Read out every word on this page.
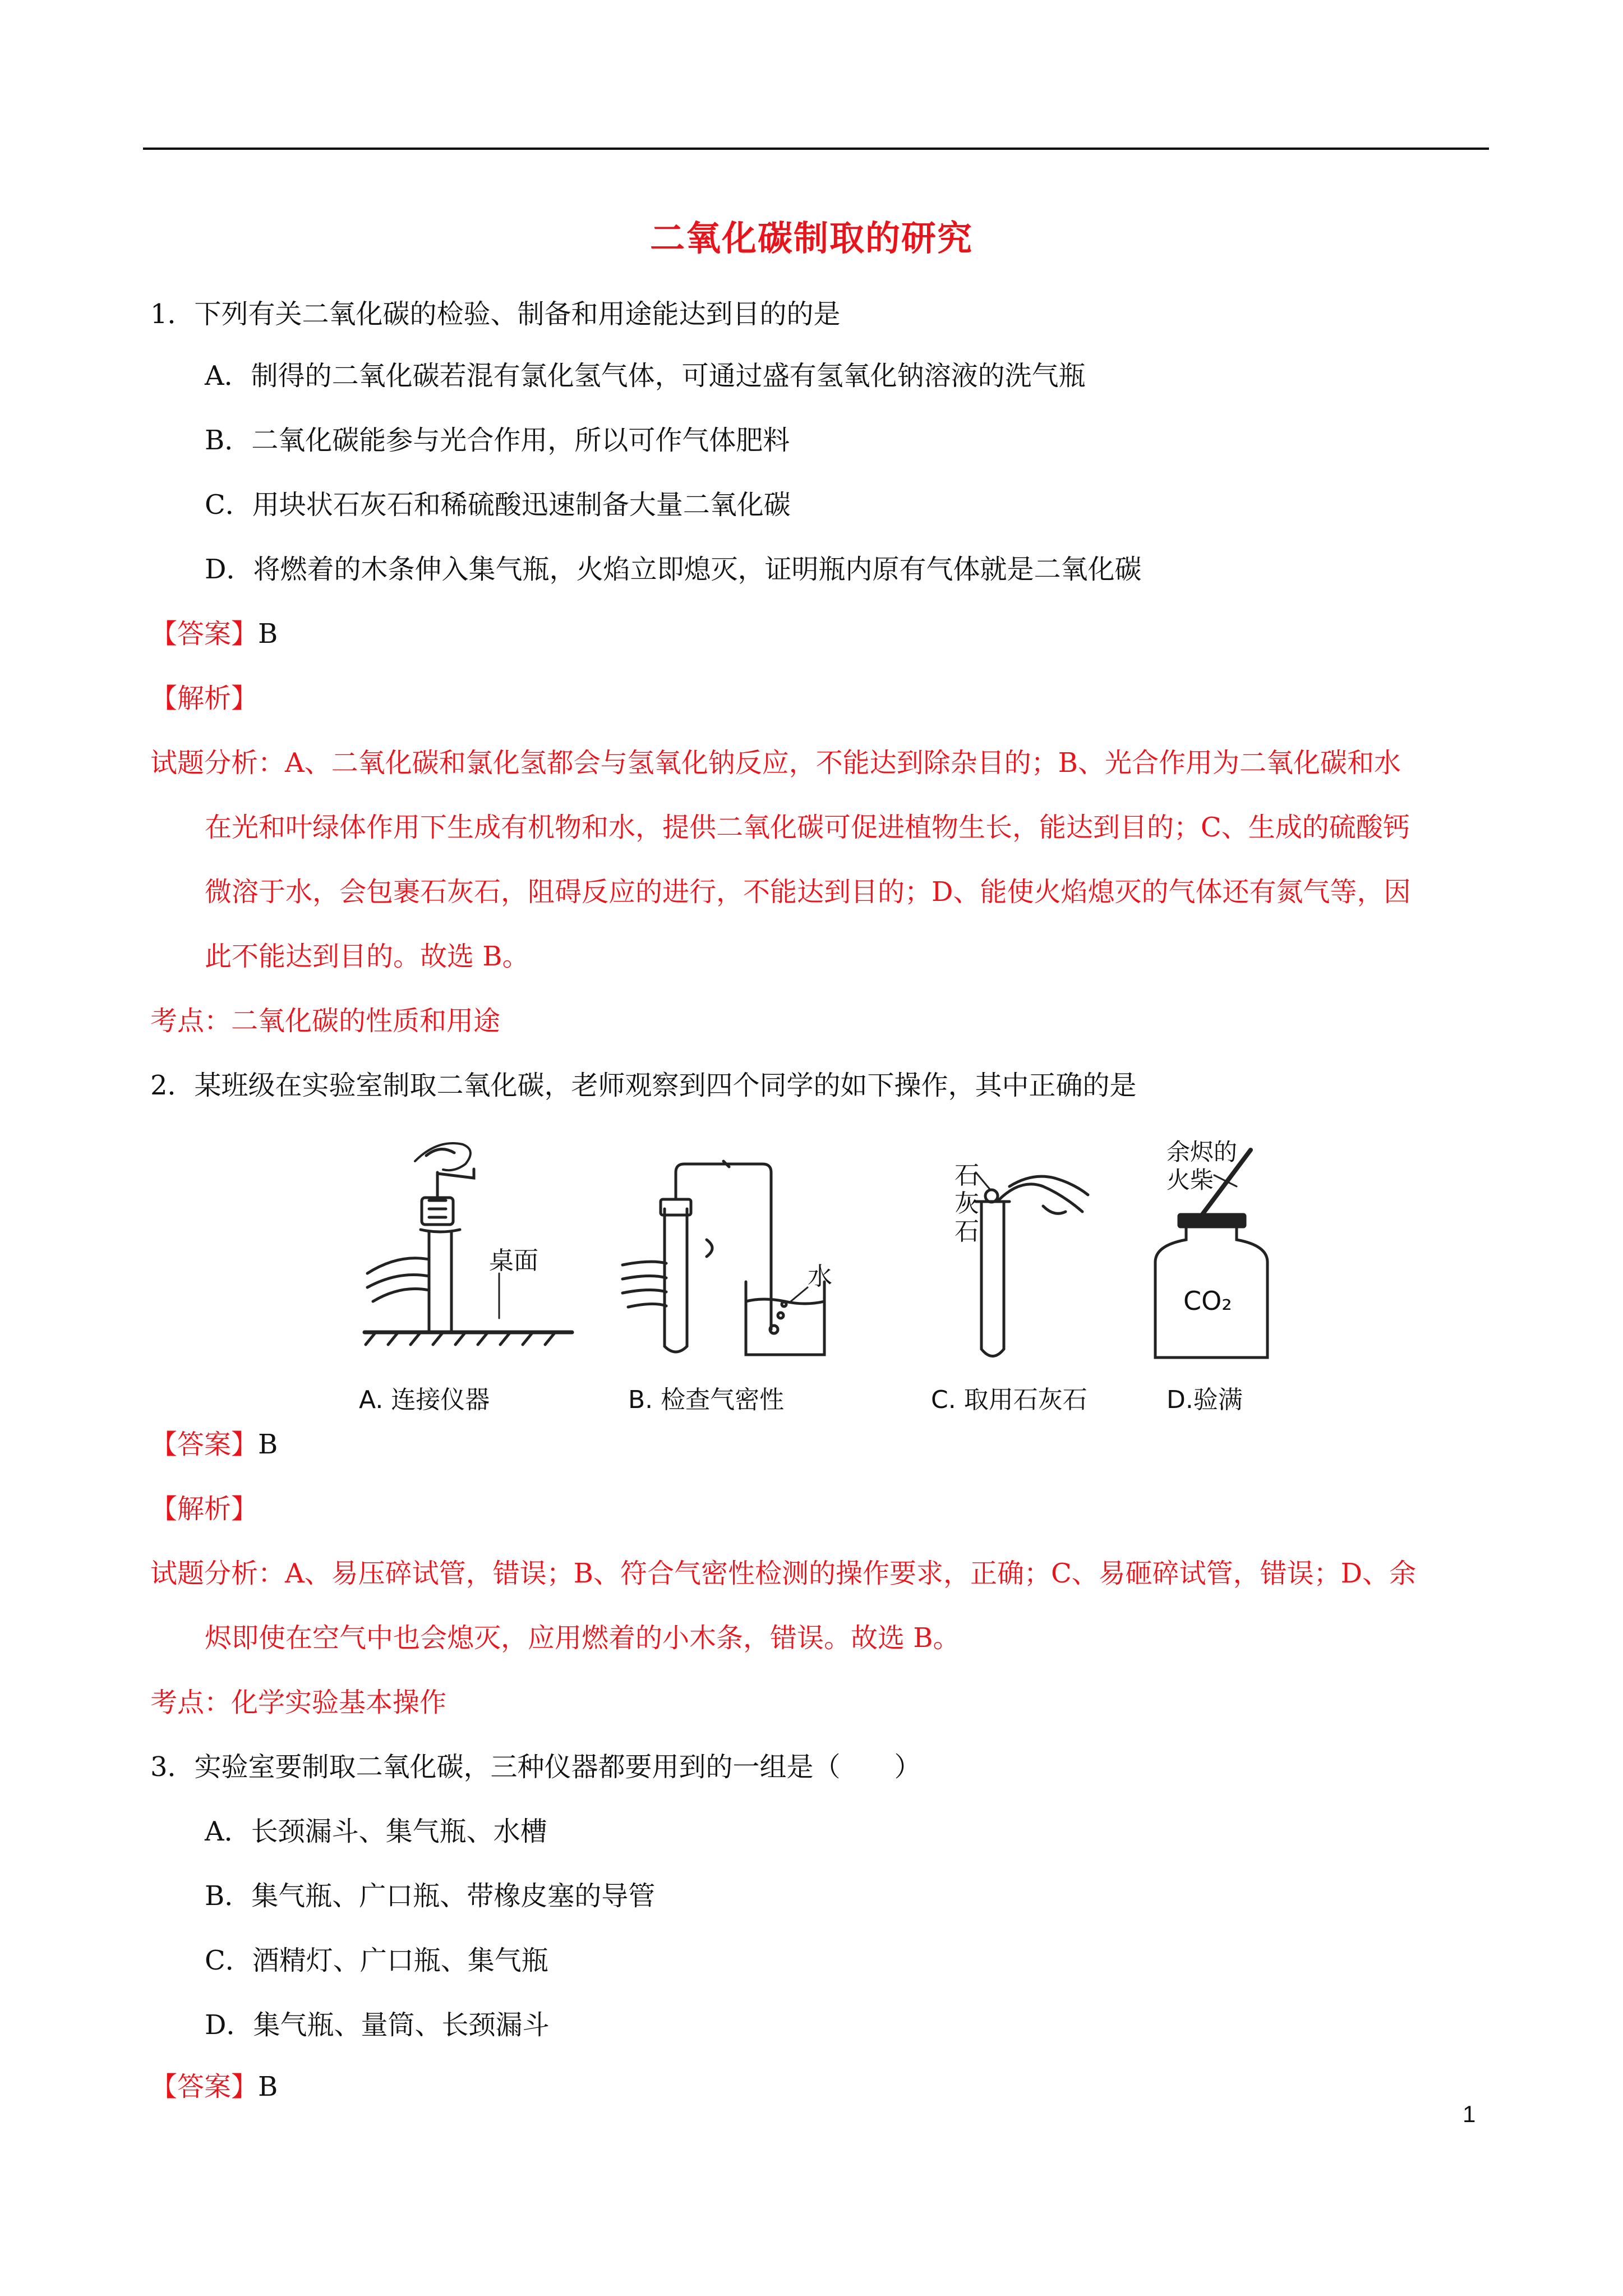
二氧化碳制取的研究
1．下列有关二氧化碳的检验、制备和用途能达到目的的是
A．制得的二氧化碳若混有氯化氢气体，可通过盛有氢氧化钠溶液的洗气瓶
B．二氧化碳能参与光合作用，所以可作气体肥料
C．用块状石灰石和稀硫酸迅速制备大量二氧化碳
D．将燃着的木条伸入集气瓶，火焰立即熄灭，证明瓶内原有气体就是二氧化碳
【答案】B
【解析】
试题分析：A、二氧化碳和氯化氢都会与氢氧化钠反应，不能达到除杂目的；B、光合作用为二氧化碳和水
在光和叶绿体作用下生成有机物和水，提供二氧化碳可促进植物生长，能达到目的；C、生成的硫酸钙
微溶于水，会包裹石灰石，阻碍反应的进行，不能达到目的；D、能使火焰熄灭的气体还有氮气等，因
此不能达到目的。故选 B。
考点：二氧化碳的性质和用途
2．某班级在实验室制取二氧化碳，老师观察到四个同学的如下操作，其中正确的是
桌面
水
石
灰
石
余烬的
火柴
CO₂
A. 连接仪器	B. 检查气密性	C. 取用石灰石	D.验满
【答案】B
【解析】
试题分析：A、易压碎试管，错误；B、符合气密性检测的操作要求，正确；C、易砸碎试管，错误；D、余
烬即使在空气中也会熄灭，应用燃着的小木条，错误。故选 B。
考点：化学实验基本操作
3．实验室要制取二氧化碳，三种仪器都要用到的一组是（　　）
A．长颈漏斗、集气瓶、水槽
B．集气瓶、广口瓶、带橡皮塞的导管
C．酒精灯、广口瓶、集气瓶
D．集气瓶、量筒、长颈漏斗
【答案】B
1
